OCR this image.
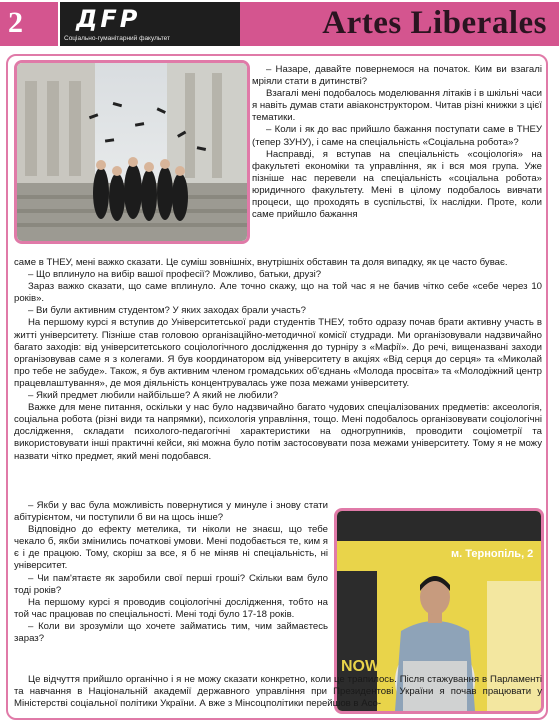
2 ДFP
Соціально-гуманітарний факультет	Artes Liberales

– Назаре, давайте повернемося на початок. Ким ви взагалі мріяли стати в дитинстві?

Взагалі мені подобалось моделювання літаків і в шкільні часи я навіть думав стати авіаконструктором. Читав різні книжки з цієї тематики.

– Коли і як до вас прийшло бажання поступати саме в ТНЕУ (тепер ЗУНУ), і саме на спеціальність «Соціальна робота»?

Насправді, я вступав на спеціальність «соціологія» на факультеті економіки та управління, як і вся моя група. Уже пізніше нас перевели на спеціальність «соціальна робота» юридичного факультету. Мені в цілому подобалось вивчати процеси, що проходять в суспільстві, їх наслідки. Проте, коли саме прийшло бажання

саме в ТНЕУ, мені важко сказати. Це суміш зовнішніх, внутрішніх обставин та доля випадку, як це часто буває.

– Що вплинуло на вибір вашої професії? Можливо, батьки, друзі?

Зараз важко сказати, що саме вплинуло. Але точно скажу, що на той час я не бачив чітко себе «себе через 10 років».

– Ви були активним студентом? У яких заходах брали участь?

На першому курсі я вступив до Університетської ради студентів ТНЕУ, тобто одразу почав брати активну участь в житті університету. Пізніше став головою організаційно-методичної комісії студради. Ми організовували надзвичайно багато заходів: від університетського соціологічного дослідження до турніру з «Мафії». До речі, вищеназвані заходи організовував саме я з колегами. Я був координатором від університету в акціях «Від серця до серця» та «Миколай про тебе не забуде». Також, я був активним членом громадських об'єднань «Молода просвіта» та «Молодіжний центр працевлаштування», де моя діяльність концентрувалась уже поза межами університету.

– Який предмет любили найбільше? А який не любили?

Важке для мене питання, оскільки у нас було надзвичайно багато чудових спеціалізованих предметів: аксеологія, соціальна робота (різні види та напрямки), психологія управління, тощо. Мені подобалось організовувати соціологічні дослідження, складати психолого-педагогічні характеристики на одногрупників, проводити соціометрії та використовувати інші практичні кейси, які можна було потім застосовувати поза межами університету. Тому я не можу назвати чітко предмет, який мені подобався.

– Якби у вас була можливість повернутися у минуле і знову стати абітурієнтом, чи поступили б ви на щось інше?

Відповідно до ефекту метелика, ти ніколи не знаєш, що тебе чекало б, якби змінились початкові умови. Мені подобається те, ким я є і де працюю. Тому, скоріш за все, я б не міняв ні спеціальність, ні університет.

– Чи пам'ятаєте як заробили свої перші гроші? Скільки вам було тоді років?

На першому курсі я проводив соціологічні дослідження, тобто на той час працював по спеціальності. Мені тоді було 17-18 років.

– Коли ви зрозуміли що хочете займатись тим, чим займаєтесь зараз?

м. Тернопіль, 2
NOW

Це відчуття прийшло органічно і я не можу сказати конкретно, коли це трапилось. Після стажування в Парламенті та навчання в Національній академії державного управління при Президентові України я почав працювати у Міністерстві соціальної політики України. А вже з Мінсоцполітики перейшов в Асо-
